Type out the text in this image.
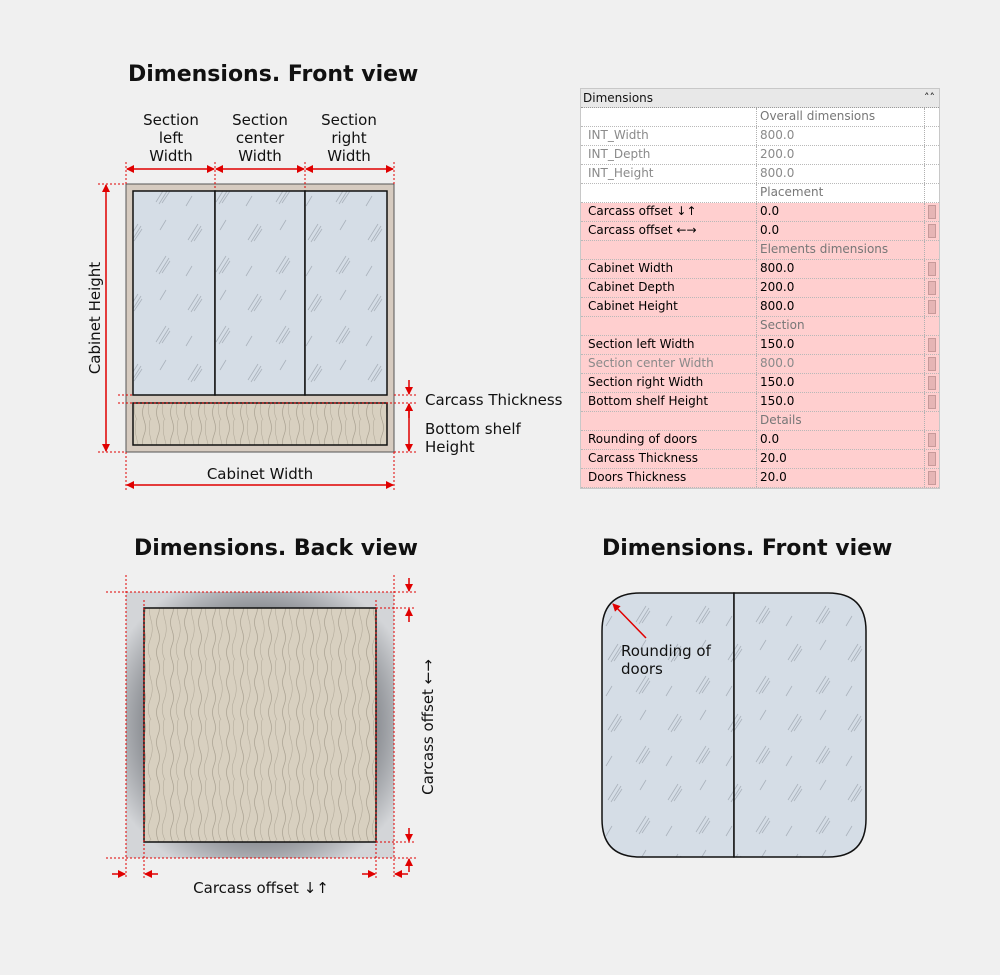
Dimensions. Front view
Dimensions. Back view	Dimensions. Front view
Section
left
Width
Section
center
Width
Section
right
Width
Cabinet Height
Carcass Thickness
Bottom shelf
Height
Cabinet Width
Carcass offset ←→
Carcass offset ↓↑
Rounding of
doors
Dimensions	˄˄
Overall dimensions
INT_Width	800.0
INT_Depth	200.0
INT_Height	800.0
Placement
Carcass offset ↓↑	0.0
Carcass offset ←→	0.0
Elements dimensions
Cabinet Width	800.0
Cabinet Depth	200.0
Cabinet Height	800.0
Section
Section left Width	150.0
Section center Width	800.0
Section right Width	150.0
Bottom shelf Height	150.0
Details
Rounding of doors	0.0
Carcass Thickness	20.0
Doors Thickness	20.0
